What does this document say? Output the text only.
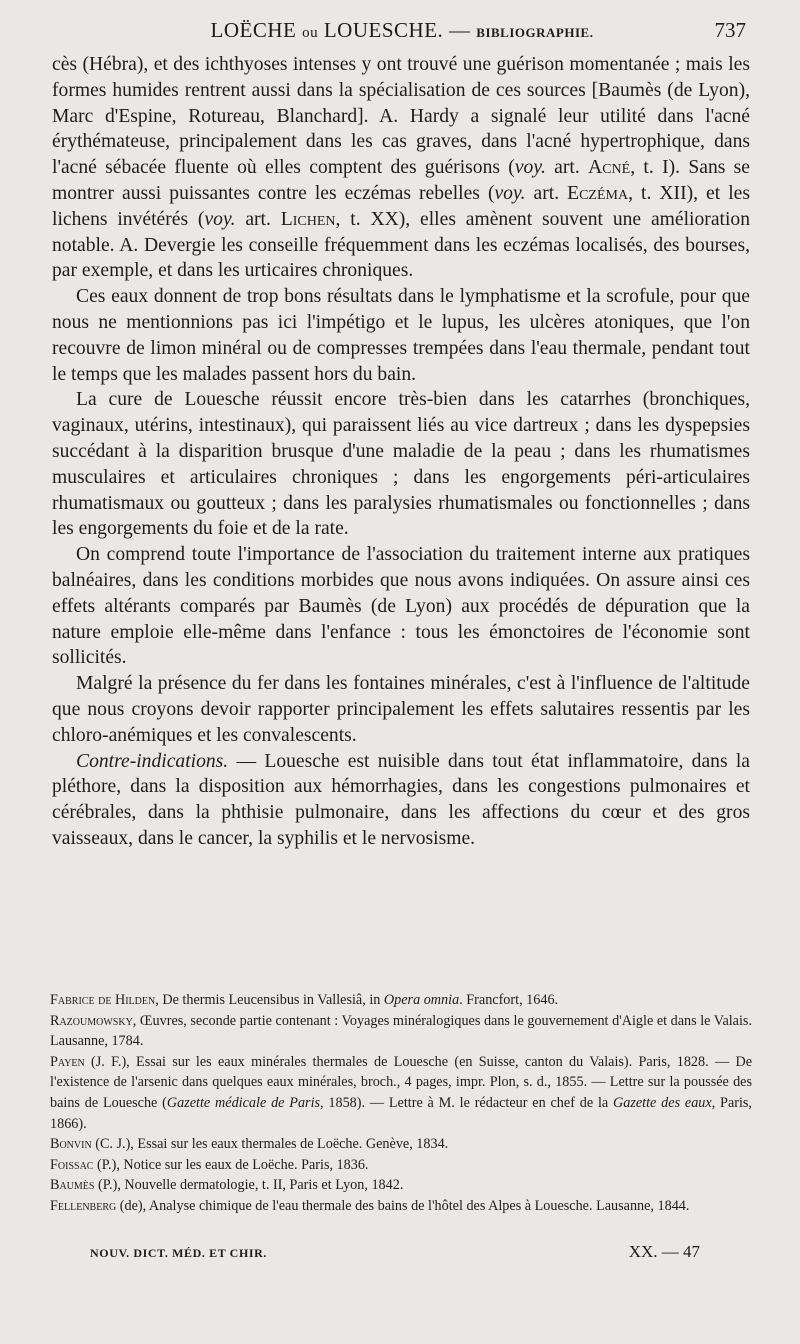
LOËCHE ou LOUESCHE. — BIBLIOGRAPHIE.	737

cès (Hébra), et des ichthyoses intenses y ont trouvé une guérison momentanée ; mais les formes humides rentrent aussi dans la spécialisation de ces sources [Baumès (de Lyon), Marc d'Espine, Rotureau, Blanchard]. A. Hardy a signalé leur utilité dans l'acné érythémateuse, principalement dans les cas graves, dans l'acné hypertrophique, dans l'acné sébacée fluente où elles comptent des guérisons (voy. art. Acné, t. I). Sans se montrer aussi puissantes contre les eczémas rebelles (voy. art. Eczéma, t. XII), et les lichens invétérés (voy. art. Lichen, t. XX), elles amènent souvent une amélioration notable. A. Devergie les conseille fréquemment dans les eczémas localisés, des bourses, par exemple, et dans les urticaires chroniques.

Ces eaux donnent de trop bons résultats dans le lymphatisme et la scrofule, pour que nous ne mentionnions pas ici l'impétigo et le lupus, les ulcères atoniques, que l'on recouvre de limon minéral ou de compresses trempées dans l'eau thermale, pendant tout le temps que les malades passent hors du bain.

La cure de Louesche réussit encore très-bien dans les catarrhes (bronchiques, vaginaux, utérins, intestinaux), qui paraissent liés au vice dartreux ; dans les dyspepsies succédant à la disparition brusque d'une maladie de la peau ; dans les rhumatismes musculaires et articulaires chroniques ; dans les engorgements péri-articulaires rhumatismaux ou goutteux ; dans les paralysies rhumatismales ou fonctionnelles ; dans les engorgements du foie et de la rate.

On comprend toute l'importance de l'association du traitement interne aux pratiques balnéaires, dans les conditions morbides que nous avons indiquées. On assure ainsi ces effets altérants comparés par Baumès (de Lyon) aux procédés de dépuration que la nature emploie elle-même dans l'enfance : tous les émonctoires de l'économie sont sollicités.

Malgré la présence du fer dans les fontaines minérales, c'est à l'influence de l'altitude que nous croyons devoir rapporter principalement les effets salutaires ressentis par les chloro-anémiques et les convalescents.

Contre-indications. — Louesche est nuisible dans tout état inflammatoire, dans la pléthore, dans la disposition aux hémorrhagies, dans les congestions pulmonaires et cérébrales, dans la phthisie pulmonaire, dans les affections du cœur et des gros vaisseaux, dans le cancer, la syphilis et le nervosisme.

Fabrice de Hilden, De thermis Leucensibus in Vallesiâ, in Opera omnia. Francfort, 1646.
Razoumowsky, Œuvres, seconde partie contenant : Voyages minéralogiques dans le gouvernement d'Aigle et dans le Valais. Lausanne, 1784.
Payen (J. F.), Essai sur les eaux minérales thermales de Louesche (en Suisse, canton du Valais). Paris, 1828. — De l'existence de l'arsenic dans quelques eaux minérales, broch., 4 pages, impr. Plon, s. d., 1855. — Lettre sur la poussée des bains de Louesche (Gazette médicale de Paris, 1858). — Lettre à M. le rédacteur en chef de la Gazette des eaux, Paris, 1866).
Bonvin (C. J.), Essai sur les eaux thermales de Loëche. Genève, 1834.
Foissac (P.), Notice sur les eaux de Loëche. Paris, 1836.
Baumès (P.), Nouvelle dermatologie, t. II, Paris et Lyon, 1842.
Fellenberg (de), Analyse chimique de l'eau thermale des bains de l'hôtel des Alpes à Louesche. Lausanne, 1844.
NOUV. DICT. MÉD. ET CHIR.	XX. — 47
